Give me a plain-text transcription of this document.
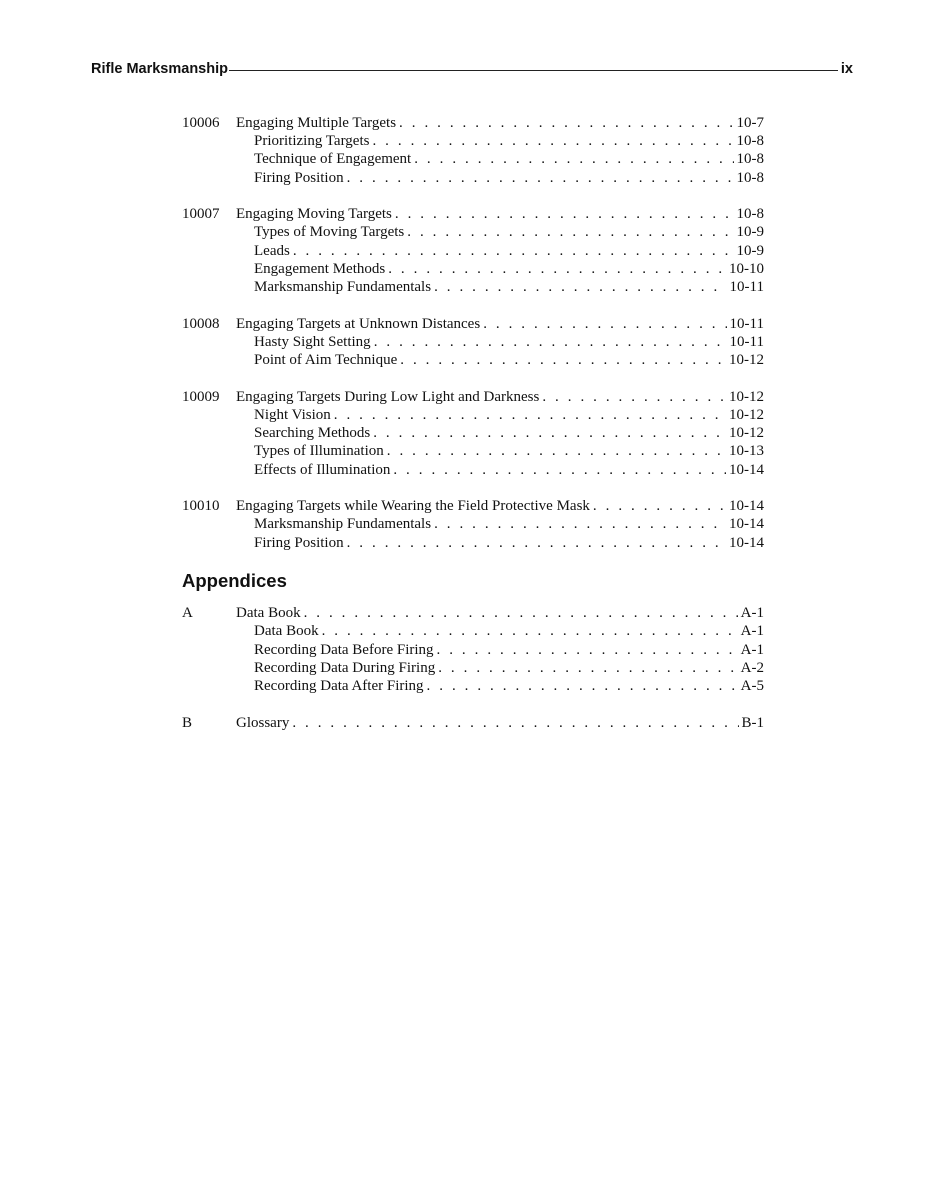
Rifle Marksmanship	ix
10006	Engaging Multiple Targets . . .	10-7
Prioritizing Targets . . .	10-8
Technique of Engagement . . .	10-8
Firing Position . . .	10-8
10007	Engaging Moving Targets . . .	10-8
Types of Moving Targets . . .	10-9
Leads . . .	10-9
Engagement Methods . . .	10-10
Marksmanship Fundamentals . . .	10-11
10008	Engaging Targets at Unknown Distances . . .	10-11
Hasty Sight Setting . . .	10-11
Point of Aim Technique . . .	10-12
10009	Engaging Targets During Low Light and Darkness . . .	10-12
Night Vision . . .	10-12
Searching Methods . . .	10-12
Types of Illumination . . .	10-13
Effects of Illumination . . .	10-14
10010	Engaging Targets while Wearing the Field Protective Mask . . .	10-14
Marksmanship Fundamentals . . .	10-14
Firing Position . . .	10-14
Appendices
A	Data Book . . .	A-1
Data Book . . .	A-1
Recording Data Before Firing . . .	A-1
Recording Data During Firing . . .	A-2
Recording Data After Firing . . .	A-5
B	Glossary . . .	B-1
